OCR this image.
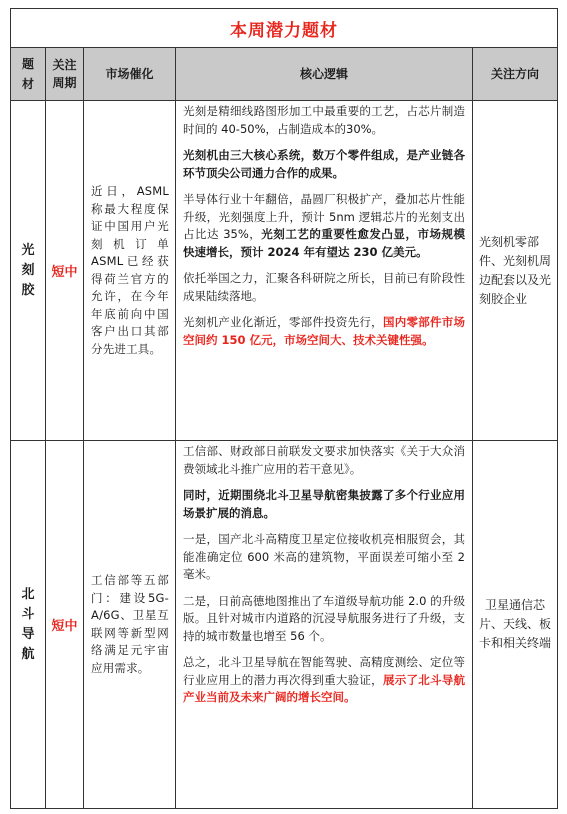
本周潜力题材				

题材	关注周期	市场催化	核心逻辑	关注方向

光刻胶	短中	近日，ASML称最大程度保证中国用户光刻机订单ASML已经获得荷兰官方的允许，在今年年底前向中国客户出口其部分先进工具。	光刻是精细线路图形加工中最重要的工艺，占芯片制造时间的 40-50%，占制造成本的30%。

光刻机由三大核心系统，数万个零件组成，是产业链各环节顶尖公司通力合作的成果。

半导体行业十年翻倍，晶圆厂积极扩产，叠加芯片性能升级，光刻强度上升，预计 5nm 逻辑芯片的光刻支出占比达 35%，光刻工艺的重要性愈发凸显，市场规模快速增长，预计 2024 年有望达 230 亿美元。

依托举国之力，汇聚各科研院之所长，目前已有阶段性成果陆续落地。

光刻机产业化渐近，零部件投资先行，国内零部件市场空间约 150 亿元，市场空间大、技术关键性强。	光刻机零部件、光刻机周边配套以及光刻胶企业

北斗导航	短中	工信部等五部门：建设5G-A/6G、卫星互联网等新型网络满足元宇宙应用需求。	工信部、财政部日前联发文要求加快落实《关于大众消费领域北斗推广应用的若干意见》。

同时，近期围绕北斗卫星导航密集披露了多个行业应用场景扩展的消息。

一是，国产北斗高精度卫星定位接收机亮相服贸会，其能准确定位 600 米高的建筑物，平面误差可缩小至 2 毫米。

二是，日前高德地图推出了车道级导航功能 2.0 的升级版。且针对城市内道路的沉浸导航服务进行了升级，支持的城市数量也增至 56 个。

总之，北斗卫星导航在智能驾驶、高精度测绘、定位等行业应用上的潜力再次得到重大验证，展示了北斗导航产业当前及未来广阔的增长空间。	卫星通信芯片、天线、板卡和相关终端
